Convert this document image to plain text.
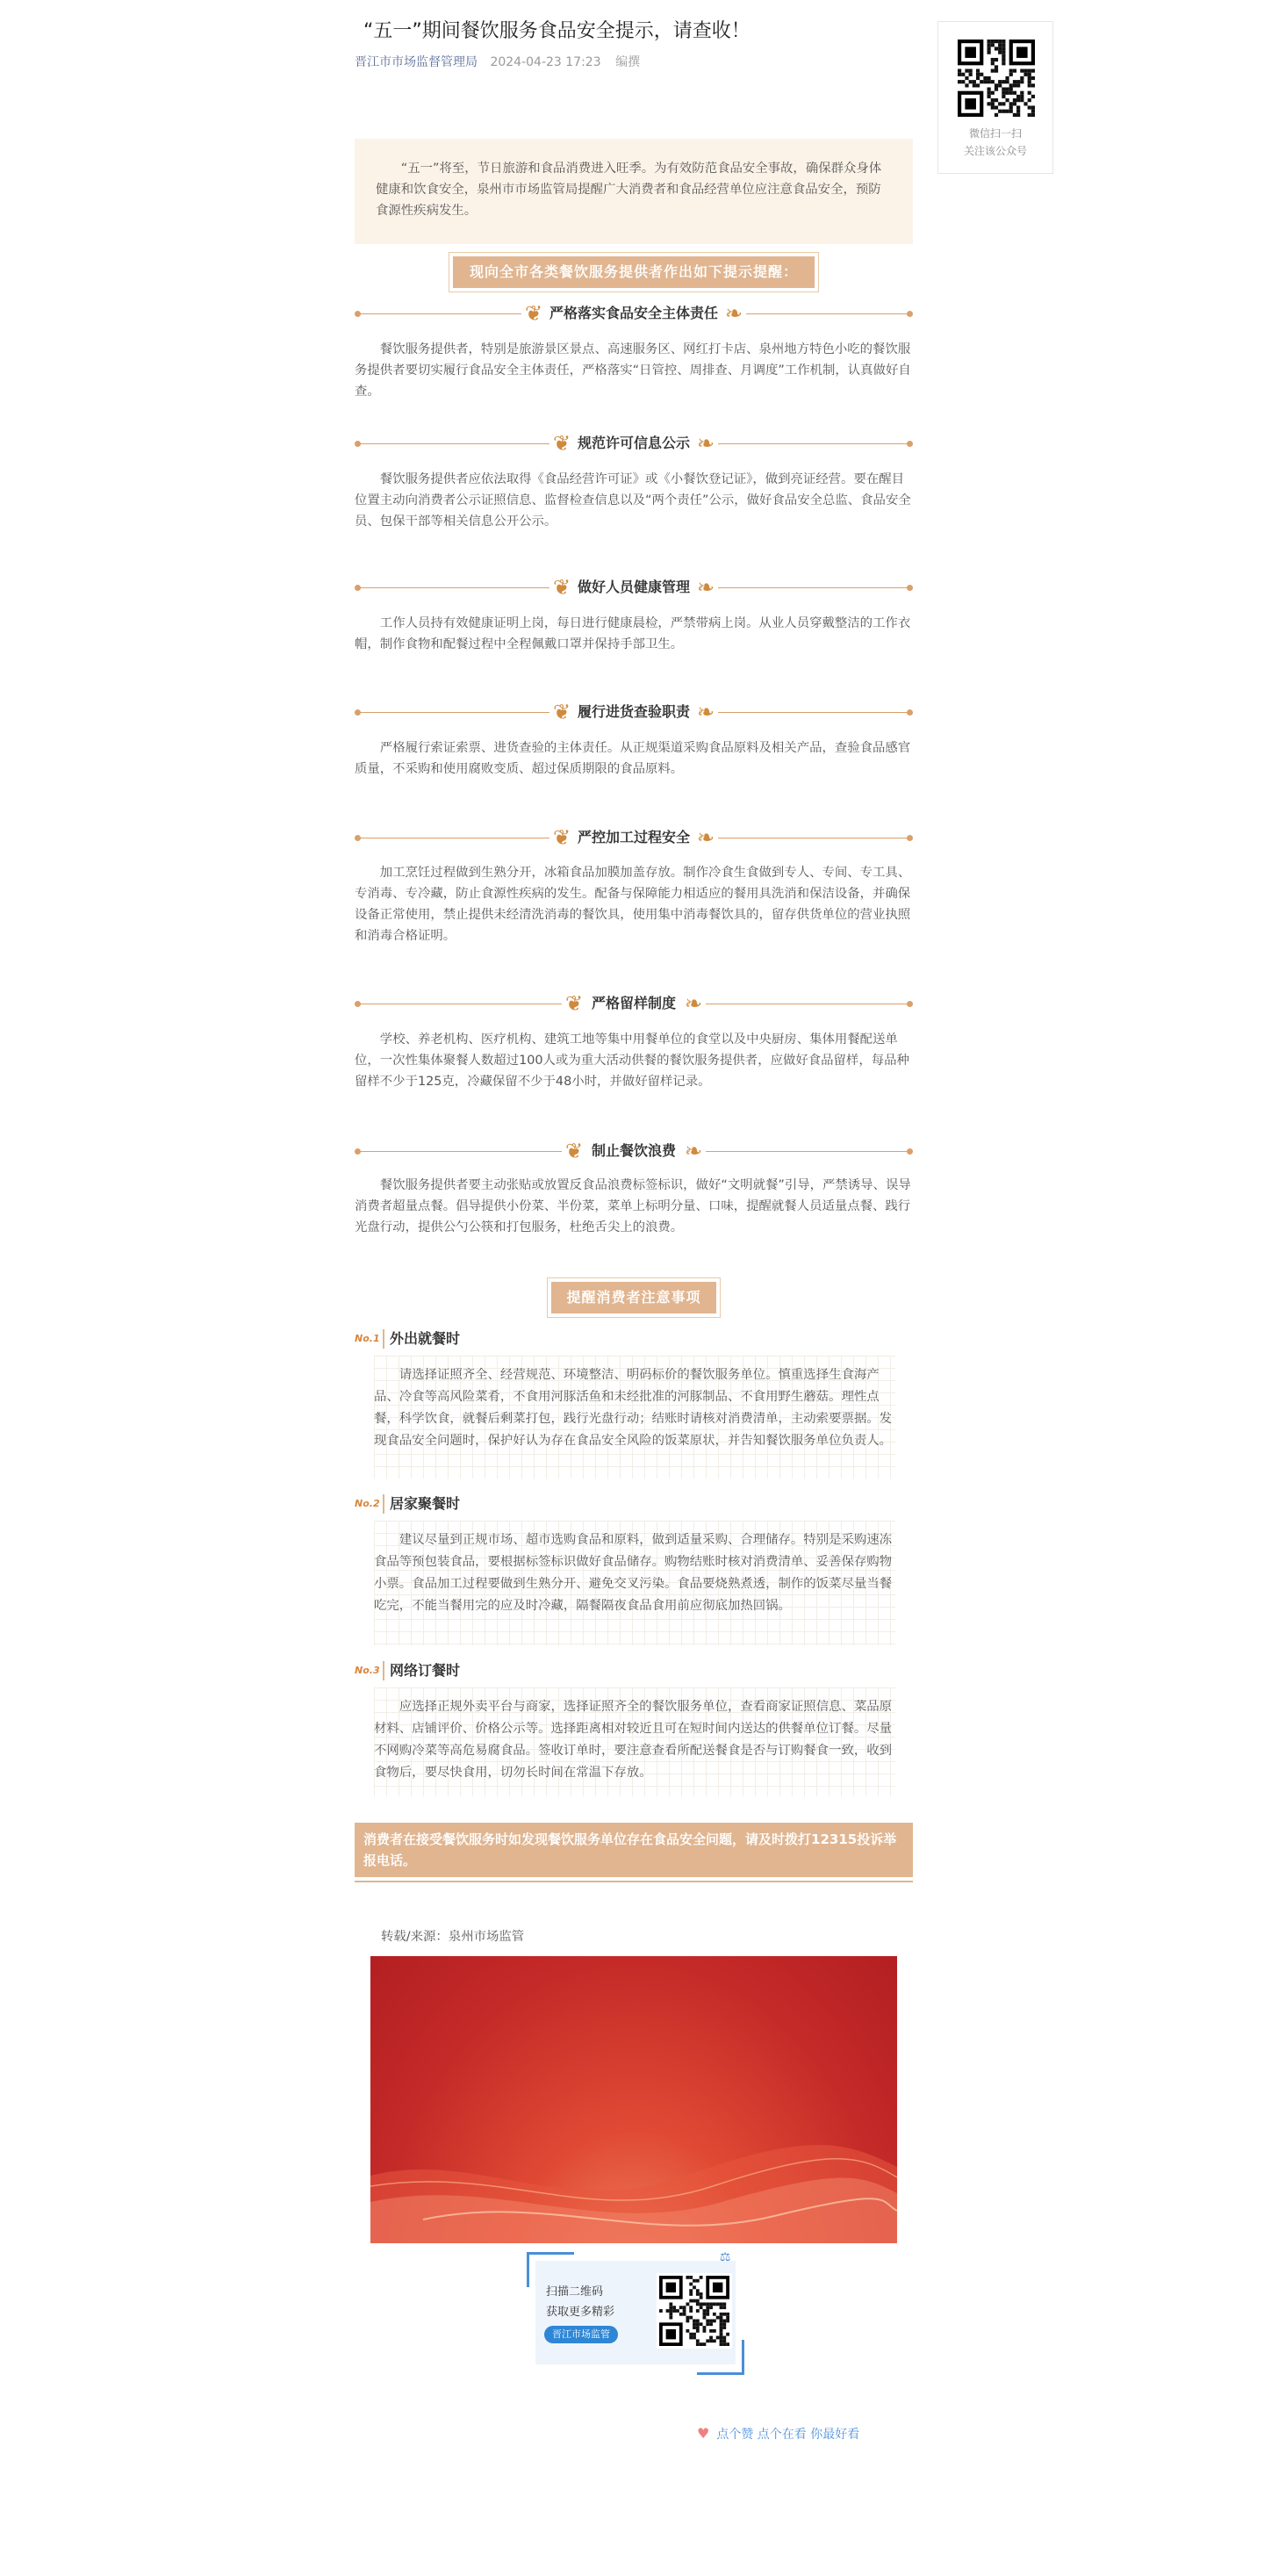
“五一”期间餐饮服务食品安全提示，请查收！
晋江市市场监督管理局 2024-04-23 17:23 编撰
“五一”将至，节日旅游和食品消费进入旺季。为有效防范食品安全事故，确保群众身体健康和饮食安全，泉州市市场监管局提醒广大消费者和食品经营单位应注意食品安全，预防食源性疾病发生。
现向全市各类餐饮服务提供者作出如下提示提醒：
❦ 严格落实食品安全主体责任 ❧
餐饮服务提供者，特别是旅游景区景点、高速服务区、网红打卡店、泉州地方特色小吃的餐饮服务提供者要切实履行食品安全主体责任，严格落实“日管控、周排查、月调度”工作机制，认真做好自查。
❦ 规范许可信息公示 ❧
餐饮服务提供者应依法取得《食品经营许可证》或《小餐饮登记证》，做到亮证经营。要在醒目位置主动向消费者公示证照信息、监督检查信息以及“两个责任”公示，做好食品安全总监、食品安全员、包保干部等相关信息公开公示。
❦ 做好人员健康管理 ❧
工作人员持有效健康证明上岗，每日进行健康晨检，严禁带病上岗。从业人员穿戴整洁的工作衣帽，制作食物和配餐过程中全程佩戴口罩并保持手部卫生。
❦ 履行进货查验职责 ❧
严格履行索证索票、进货查验的主体责任。从正规渠道采购食品原料及相关产品，查验食品感官质量，不采购和使用腐败变质、超过保质期限的食品原料。
❦ 严控加工过程安全 ❧
加工烹饪过程做到生熟分开，冰箱食品加膜加盖存放。制作冷食生食做到专人、专间、专工具、专消毒、专冷藏，防止食源性疾病的发生。配备与保障能力相适应的餐用具洗消和保洁设备，并确保设备正常使用，禁止提供未经清洗消毒的餐饮具，使用集中消毒餐饮具的，留存供货单位的营业执照和消毒合格证明。
❦ 严格留样制度 ❧
学校、养老机构、医疗机构、建筑工地等集中用餐单位的食堂以及中央厨房、集体用餐配送单位，一次性集体聚餐人数超过100人或为重大活动供餐的餐饮服务提供者，应做好食品留样，每品种留样不少于125克，冷藏保留不少于48小时，并做好留样记录。
❦ 制止餐饮浪费 ❧
餐饮服务提供者要主动张贴或放置反食品浪费标签标识，做好“文明就餐”引导，严禁诱导、误导消费者超量点餐。倡导提供小份菜、半份菜，菜单上标明分量、口味，提醒就餐人员适量点餐、践行光盘行动，提供公勺公筷和打包服务，杜绝舌尖上的浪费。
提醒消费者注意事项
No.1 外出就餐时
请选择证照齐全、经营规范、环境整洁、明码标价的餐饮服务单位。慎重选择生食海产品、冷食等高风险菜肴，不食用河豚活鱼和未经批准的河豚制品、不食用野生蘑菇。理性点餐，科学饮食，就餐后剩菜打包，践行光盘行动；结账时请核对消费清单，主动索要票据。发现食品安全问题时，保护好认为存在食品安全风险的饭菜原状，并告知餐饮服务单位负责人。
No.2 居家聚餐时
建议尽量到正规市场、超市选购食品和原料，做到适量采购、合理储存。特别是采购速冻食品等预包装食品，要根据标签标识做好食品储存。购物结账时核对消费清单、妥善保存购物小票。食品加工过程要做到生熟分开、避免交叉污染。食品要烧熟煮透，制作的饭菜尽量当餐吃完，不能当餐用完的应及时冷藏，隔餐隔夜食品食用前应彻底加热回锅。
No.3 网络订餐时
应选择正规外卖平台与商家，选择证照齐全的餐饮服务单位，查看商家证照信息、菜品原材料、店铺评价、价格公示等。选择距离相对较近且可在短时间内送达的供餐单位订餐。尽量不网购冷菜等高危易腐食品。签收订单时，要注意查看所配送餐食是否与订购餐食一致，收到食物后，要尽快食用，切勿长时间在常温下存放。
消费者在接受餐饮服务时如发现餐饮服务单位存在食品安全问题，请及时拨打12315投诉举报电话。
转载/来源：泉州市场监管
⚖
扫描二维码
获取更多精彩
晋江市场监管
♥ 点个赞 点个在看 你最好看
微信扫一扫
关注该公众号
